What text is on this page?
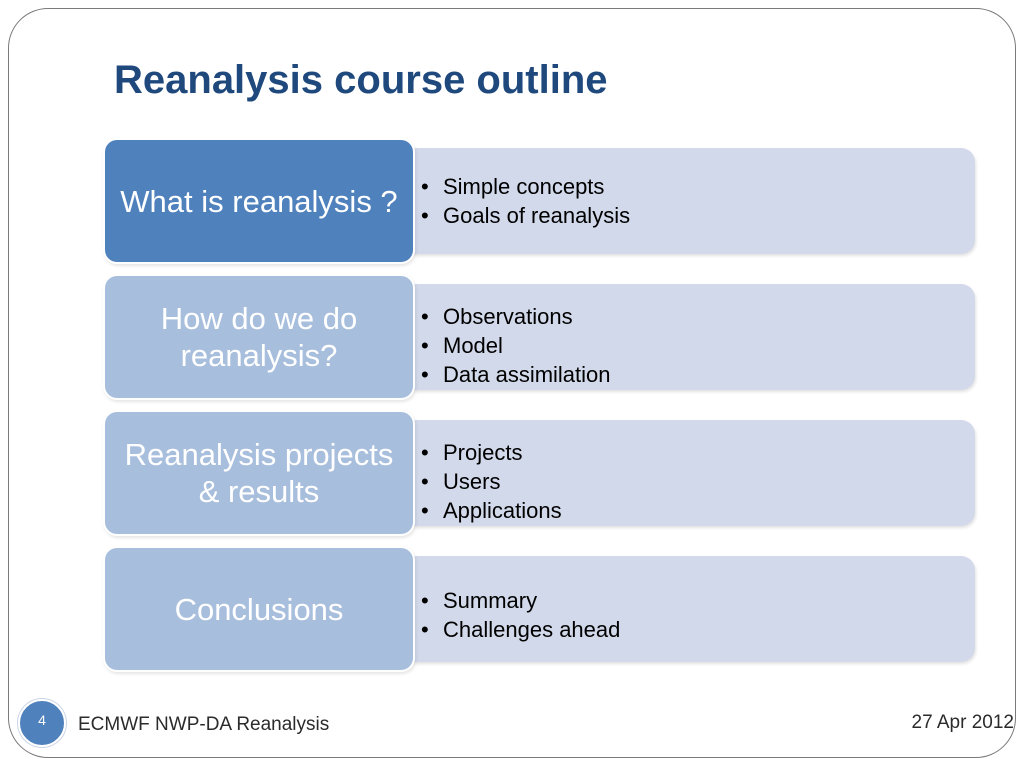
Reanalysis course outline
• Simple concepts
• Goals of reanalysis
What is reanalysis ?
• Observations
• Model
• Data assimilation
How do we do reanalysis?
• Projects
• Users
• Applications
Reanalysis projects & results
• Summary
• Challenges ahead
Conclusions
4 ECMWF NWP-DA Reanalysis	27 Apr 2012
